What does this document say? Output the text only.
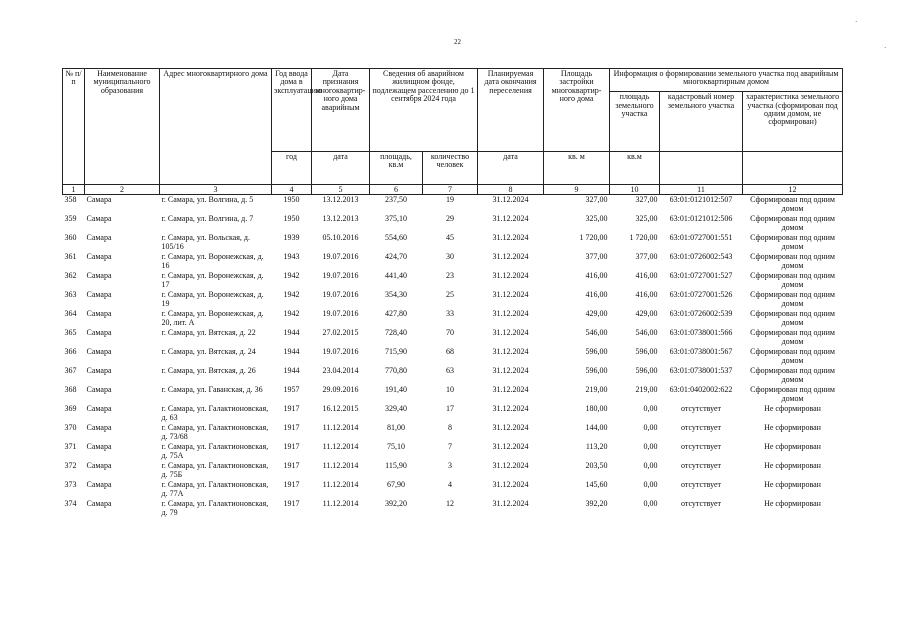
22
·
·
№ п/п	Наименование муниципального образования	Адрес многоквартирного дома	Год ввода дома в эксплуатацию	Дата признания многоквартир-ного дома аварийным	Сведения об аварийном жилищном фонде, подлежащем расселению до 1 сентября 2024 года		Планируемая дата окончания переселения	Площадь застройки многоквартир-ного дома	Информация о формировании земельного участка под аварийным многоквартирным домом		
									площадь земельного участка	кадастровый номер земельного участка	характеристика земельного участка (сформирован под одним домом, не сформирован)
			год	дата	площадь, кв.м	количество человек	дата	кв. м	кв.м		
1	2	3	4	5	6	7	8	9	10	11	12
358	Самара	г. Самара, ул. Волгина, д. 5	1950	13.12.2013	237,50	19	31.12.2024	327,00	327,00	63:01:0121012:507	Сформирован под одним домом
359	Самара	г. Самара, ул. Волгина, д. 7	1950	13.12.2013	375,10	29	31.12.2024	325,00	325,00	63:01:0121012:506	Сформирован под одним домом
360	Самара	г. Самара, ул. Вольская, д. 105/16	1939	05.10.2016	554,60	45	31.12.2024	1 720,00	1 720,00	63:01:0727001:551	Сформирован под одним домом
361	Самара	г. Самара, ул. Воронежская, д. 16	1943	19.07.2016	424,70	30	31.12.2024	377,00	377,00	63:01:0726002:543	Сформирован под одним домом
362	Самара	г. Самара, ул. Воронежская, д. 17	1942	19.07.2016	441,40	23	31.12.2024	416,00	416,00	63:01:0727001:527	Сформирован под одним домом
363	Самара	г. Самара, ул. Воронежская, д. 19	1942	19.07.2016	354,30	25	31.12.2024	416,00	416,00	63:01:0727001:526	Сформирован под одним домом
364	Самара	г. Самара, ул. Воронежская, д. 20, лит. А	1942	19.07.2016	427,80	33	31.12.2024	429,00	429,00	63:01:0726002:539	Сформирован под одним домом
365	Самара	г. Самара, ул. Вятская, д. 22	1944	27.02.2015	728,40	70	31.12.2024	546,00	546,00	63:01:0738001:566	Сформирован под одним домом
366	Самара	г. Самара, ул. Вятская, д. 24	1944	19.07.2016	715,90	68	31.12.2024	596,00	596,00	63:01:0738001:567	Сформирован под одним домом
367	Самара	г. Самара, ул. Вятская, д. 26	1944	23.04.2014	770,80	63	31.12.2024	596,00	596,00	63:01:0738001:537	Сформирован под одним домом
368	Самара	г. Самара, ул. Гаванская, д. 36	1957	29.09.2016	191,40	10	31.12.2024	219,00	219,00	63:01:0402002:622	Сформирован под одним домом
369	Самара	г. Самара, ул. Галактионовская, д. 63	1917	16.12.2015	329,40	17	31.12.2024	180,00	0,00	отсутствует	Не сформирован
370	Самара	г. Самара, ул. Галактионовская, д. 73/68	1917	11.12.2014	81,00	8	31.12.2024	144,00	0,00	отсутствует	Не сформирован
371	Самара	г. Самара, ул. Галактионовская, д. 75А	1917	11.12.2014	75,10	7	31.12.2024	113,20	0,00	отсутствует	Не сформирован
372	Самара	г. Самара, ул. Галактионовская, д. 75Б	1917	11.12.2014	115,90	3	31.12.2024	203,50	0,00	отсутствует	Не сформирован
373	Самара	г. Самара, ул. Галактионовская, д. 77А	1917	11.12.2014	67,90	4	31.12.2024	145,60	0,00	отсутствует	Не сформирован
374	Самара	г. Самара, ул. Галактионовская, д. 79	1917	11.12.2014	392,20	12	31.12.2024	392,20	0,00	отсутствует	Не сформирован
